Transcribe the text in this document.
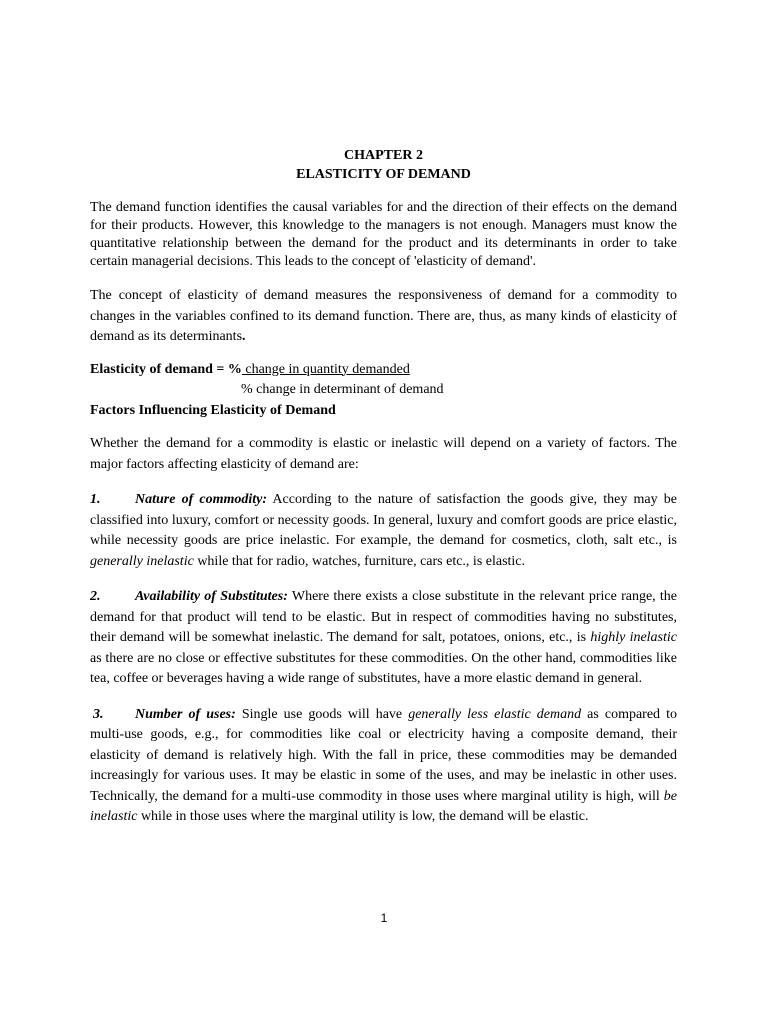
CHAPTER 2
ELASTICITY OF DEMAND

The demand function identifies the causal variables for and the direction of their effects on the demand for their products. However, this knowledge to the managers is not enough. Managers must know the quantitative relationship between the demand for the product and its determinants in order to take certain managerial decisions. This leads to the concept of 'elasticity of demand'.

The concept of elasticity of demand measures the responsiveness of demand for a commodity to changes in the variables confined to its demand function. There are, thus, as many kinds of elasticity of demand as its determinants.

Elasticity of demand = % change in quantity demanded
% change in determinant of demand
Factors Influencing Elasticity of Demand

Whether the demand for a commodity is elastic or inelastic will depend on a variety of factors. The major factors affecting elasticity of demand are:

1. Nature of commodity: According to the nature of satisfaction the goods give, they may be classified into luxury, comfort or necessity goods. In general, luxury and comfort goods are price elastic, while necessity goods are price inelastic. For example, the demand for cosmetics, cloth, salt etc., is generally inelastic while that for radio, watches, furniture, cars etc., is elastic.

2. Availability of Substitutes: Where there exists a close substitute in the relevant price range, the demand for that product will tend to be elastic. But in respect of commodities having no substitutes, their demand will be somewhat inelastic. The demand for salt, potatoes, onions, etc., is highly inelastic as there are no close or effective substitutes for these commodities. On the other hand, commodities like tea, coffee or beverages having a wide range of substitutes, have a more elastic demand in general.

3. Number of uses: Single use goods will have generally less elastic demand as compared to multi-use goods, e.g., for commodities like coal or electricity having a composite demand, their elasticity of demand is relatively high. With the fall in price, these commodities may be demanded increasingly for various uses. It may be elastic in some of the uses, and may be inelastic in other uses. Technically, the demand for a multi-use commodity in those uses where marginal utility is high, will be inelastic while in those uses where the marginal utility is low, the demand will be elastic.

1
